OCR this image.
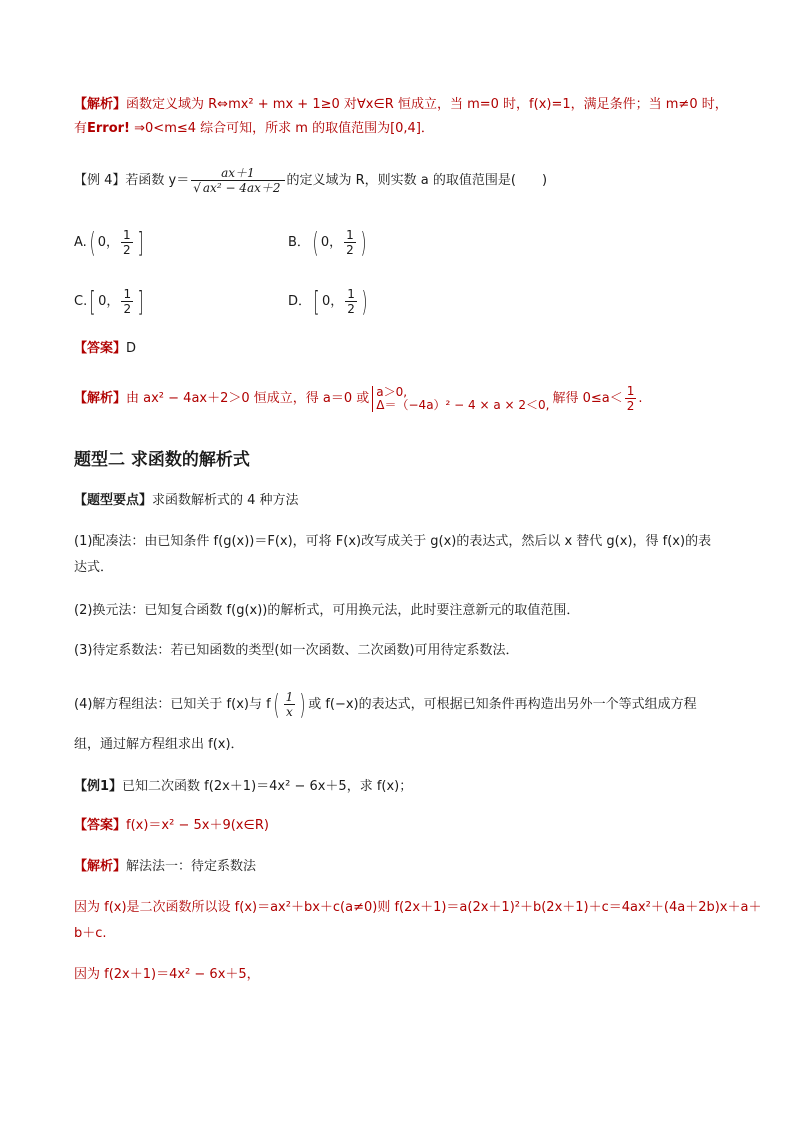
【解析】函数定义域为 R⇔mx² + mx + 1≥0 对∀x∈R 恒成立，当 m=0 时，f(x)=1，满足条件；当 m≠0 时，
有Error! ⇒0<m≤4 综合可知，所求 m 的取值范围为[0,4]．
【例 4】若函数 $y= \frac{ax+1}{\text{√ ax² − 4ax＋2}}$ 的定义域为 R，则实数 a 的取值范围是(　　)
A.( 0， $\frac{1}{2}$ ]	B．( 0， $\frac{1}{2}$ )
C.[ 0， $\frac{1}{2}$ ]	D．[ 0， $\frac{1}{2}$ )
【答案】D
【解析】由 ax² − 4ax＋2＞0 恒成立，得 a＝0 或 a＞0,
Δ＝（−4a）² − 4 × a × 2＜0, 解得 $0\le a< \frac{1}{2}$ .
题型二 求函数的解析式
【题型要点】求函数解析式的 4 种方法
(1)配凑法：由已知条件 f(g(x))＝F(x)，可将 F(x)改写成关于 g(x)的表达式，然后以 x 替代 g(x)，得 f(x)的表
达式．
(2)换元法：已知复合函数 f(g(x))的解析式，可用换元法，此时要注意新元的取值范围．
(3)待定系数法：若已知函数的类型(如一次函数、二次函数)可用待定系数法．
(4)解方程组法：已知关于 f(x)与 $f( \frac{1}{x}$ ) 或 f(−x)的表达式，可根据已知条件再构造出另外一个等式组成方程
组，通过解方程组求出 f(x)．
【例1】已知二次函数 f(2x＋1)＝4x² − 6x＋5，求 f(x)；
【答案】f(x)＝x² − 5x＋9(x∈R)
【解析】解法法一：待定系数法
因为 f(x)是二次函数所以设 f(x)＝ax²＋bx＋c(a≠0)则 f(2x＋1)＝a(2x＋1)²＋b(2x＋1)＋c＝4ax²＋(4a＋2b)x＋a＋
b＋c.
因为 f(2x＋1)＝4x² − 6x＋5，
